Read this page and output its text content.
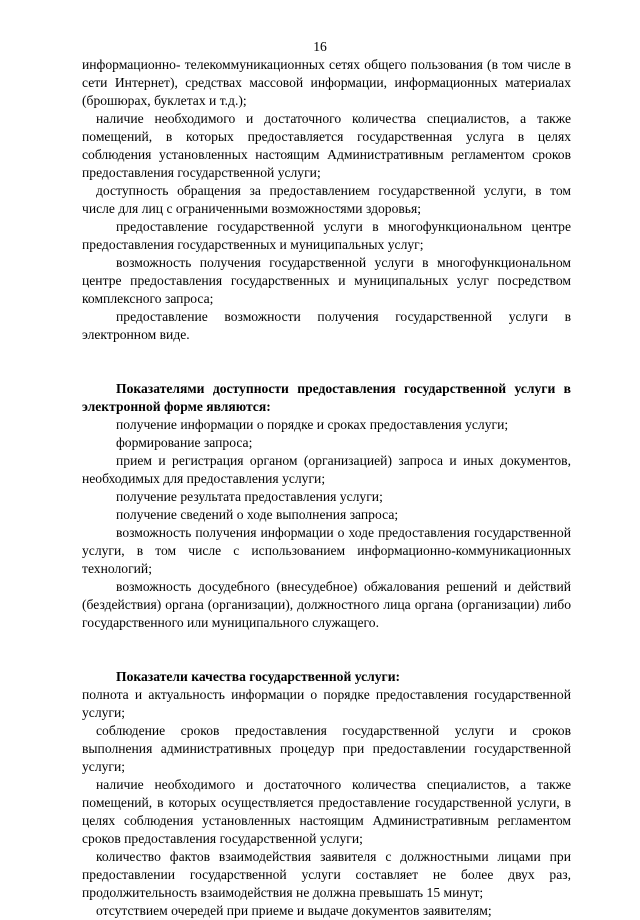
16

информационно- телекоммуникационных сетях общего пользования (в том числе в сети Интернет), средствах массовой информации, информационных материалах (брошюрах, буклетах и т.д.);

наличие необходимого и достаточного количества специалистов, а также помещений, в которых предоставляется государственная услуга в целях соблюдения установленных настоящим Административным регламентом сроков предоставления государственной услуги;

доступность обращения за предоставлением государственной услуги, в том числе для лиц с ограниченными возможностями здоровья;

предоставление государственной услуги в многофункциональном центре предоставления государственных и муниципальных услуг;

возможность получения государственной услуги в многофункциональном центре предоставления государственных и муниципальных услуг посредством комплексного запроса;

предоставление возможности получения государственной услуги в электронном виде.

Показателями доступности предоставления государственной услуги в электронной форме являются:

получение информации о порядке и сроках предоставления услуги;

формирование запроса;

прием и регистрация органом (организацией) запроса и иных документов, необходимых для предоставления услуги;

получение результата предоставления услуги;

получение сведений о ходе выполнения запроса;

возможность получения информации о ходе предоставления государственной услуги, в том числе с использованием информационно-коммуникационных технологий;

возможность досудебного (внесудебное) обжалования решений и действий (бездействия) органа (организации), должностного лица органа (организации) либо государственного или муниципального служащего.

Показатели качества государственной услуги:

полнота и актуальность информации о порядке предоставления государственной услуги;

соблюдение сроков предоставления государственной услуги и сроков выполнения административных процедур при предоставлении государственной услуги;

наличие необходимого и достаточного количества специалистов, а также помещений, в которых осуществляется предоставление государственной услуги, в целях соблюдения установленных настоящим Административным регламентом сроков предоставления государственной услуги;

количество фактов взаимодействия заявителя с должностными лицами при предоставлении государственной услуги составляет не более двух раз, продолжительность взаимодействия не должна превышать 15 минут;

отсутствием очередей при приеме и выдаче документов заявителям;
